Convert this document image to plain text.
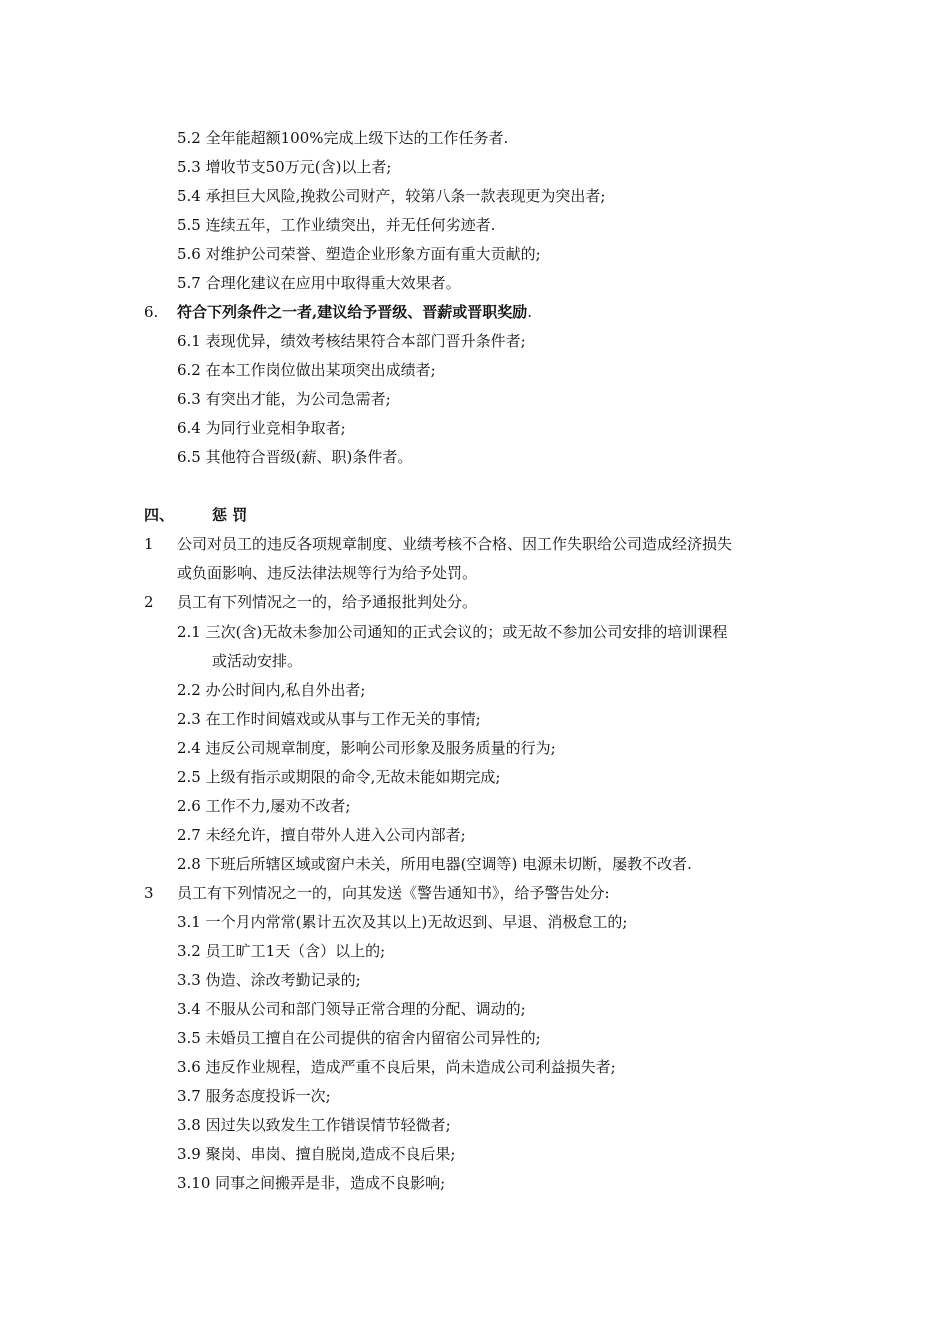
5.2 全年能超额100%完成上级下达的工作任务者.
5.3 增收节支50万元(含)以上者;
5.4 承担巨大风险,挽救公司财产，较第八条一款表现更为突出者;
5.5 连续五年，工作业绩突出，并无任何劣迹者.
5.6 对维护公司荣誉、塑造企业形象方面有重大贡献的;
5.7 合理化建议在应用中取得重大效果者。
6. 符合下列条件之一者,建议给予晋级、晋薪或晋职奖励.
6.1 表现优异，绩效考核结果符合本部门晋升条件者;
6.2 在本工作岗位做出某项突出成绩者;
6.3 有突出才能，为公司急需者;
6.4 为同行业竞相争取者;
6.5 其他符合晋级(薪、职)条件者。
四、	惩 罚
1 公司对员工的违反各项规章制度、业绩考核不合格、因工作失职给公司造成经济损失
或负面影响、违反法律法规等行为给予处罚。
2 员工有下列情况之一的，给予通报批判处分。
2.1 三次(含)无故未参加公司通知的正式会议的；或无故不参加公司安排的培训课程
或活动安排。
2.2 办公时间内,私自外出者;
2.3 在工作时间嬉戏或从事与工作无关的事情;
2.4 违反公司规章制度，影响公司形象及服务质量的行为;
2.5 上级有指示或期限的命令,无故未能如期完成;
2.6 工作不力,屡劝不改者;
2.7 未经允许，擅自带外人进入公司内部者;
2.8 下班后所辖区域或窗户未关，所用电器(空调等) 电源未切断，屡教不改者.
3 员工有下列情况之一的，向其发送《警告通知书》，给予警告处分:
3.1 一个月内常常(累计五次及其以上)无故迟到、早退、消极怠工的;
3.2 员工旷工1天（含）以上的;
3.3 伪造、涂改考勤记录的;
3.4 不服从公司和部门领导正常合理的分配、调动的;
3.5 未婚员工擅自在公司提供的宿舍内留宿公司异性的;
3.6 违反作业规程，造成严重不良后果，尚未造成公司利益损失者;
3.7 服务态度投诉一次;
3.8 因过失以致发生工作错误情节轻微者;
3.9 聚岗、串岗、擅自脱岗,造成不良后果;
3.10 同事之间搬弄是非，造成不良影响;
